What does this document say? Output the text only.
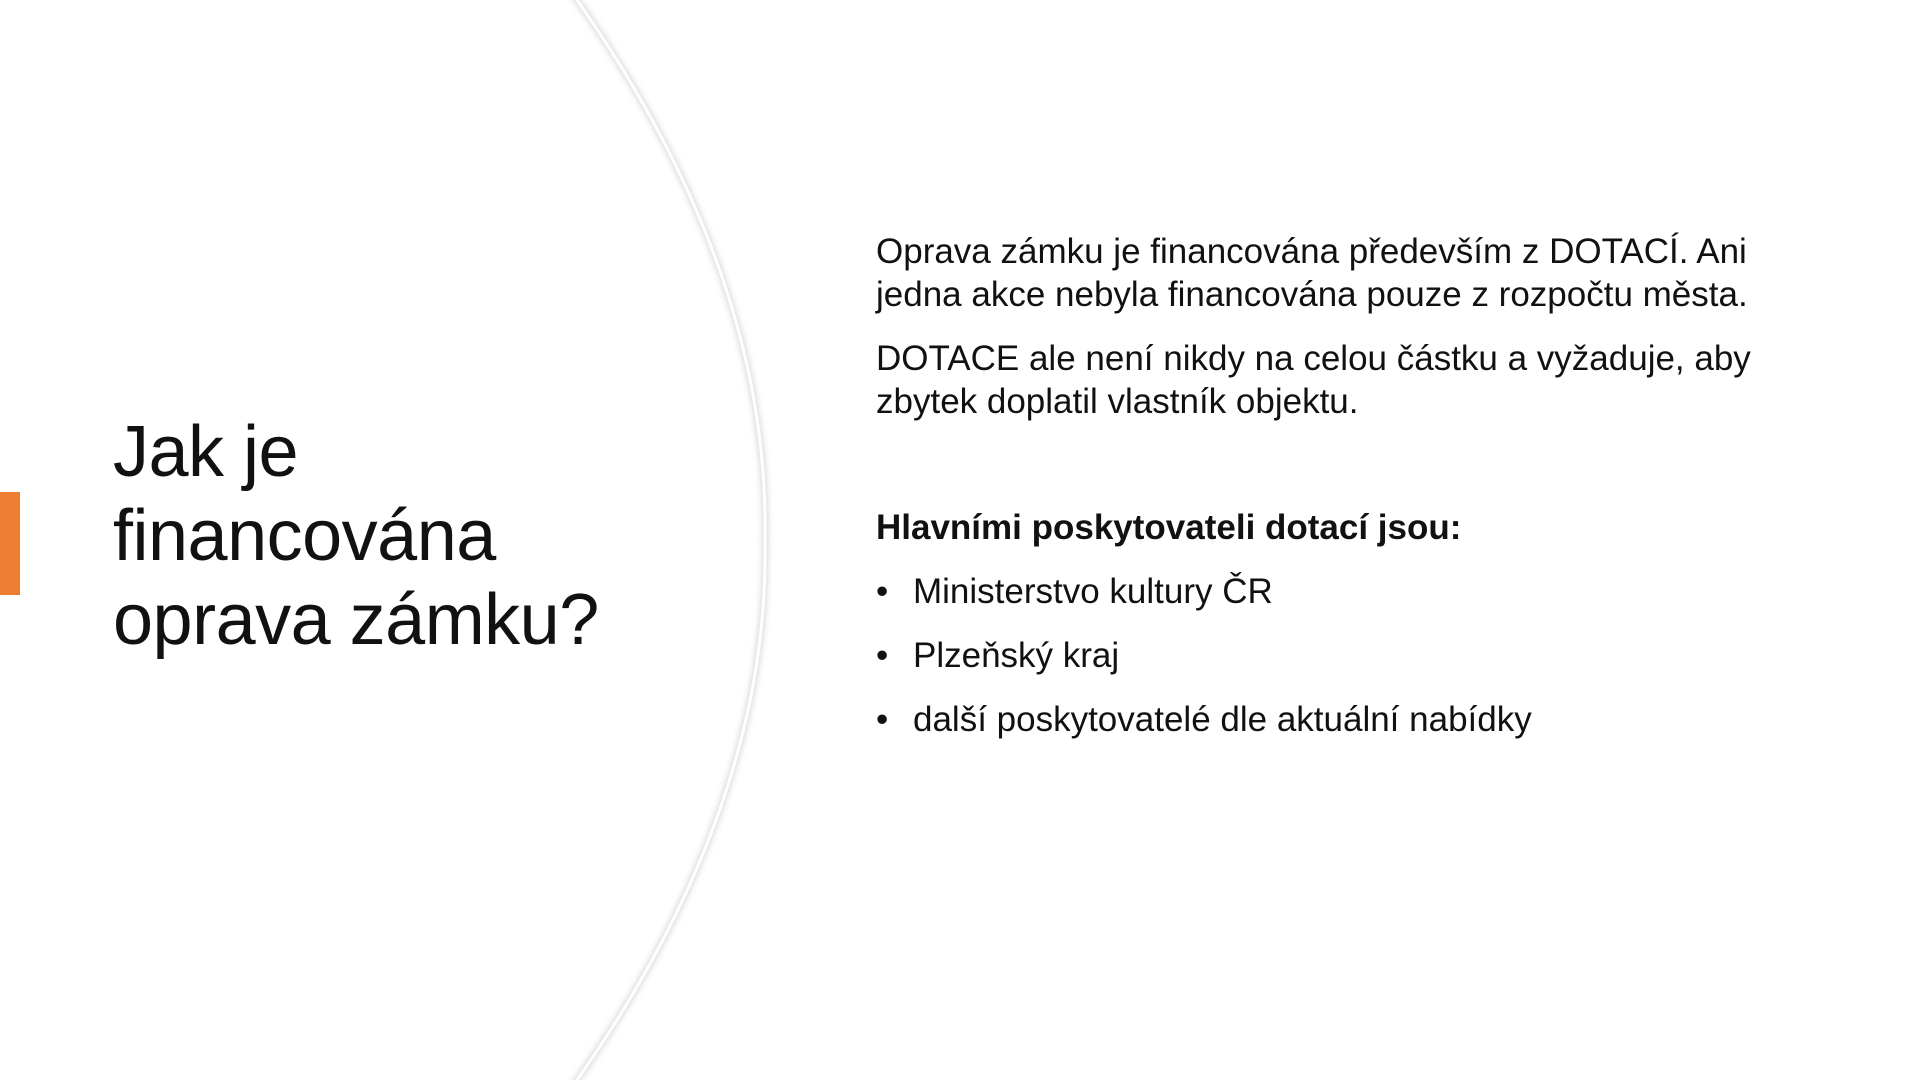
Jak je
financována
oprava zámku?

Oprava zámku je financována především z DOTACÍ. Ani jedna akce nebyla financována pouze z rozpočtu města.

DOTACE ale není nikdy na celou částku a vyžaduje, aby zbytek doplatil vlastník objektu.

Hlavními poskytovateli dotací jsou:

• Ministerstvo kultury ČR
• Plzeňský kraj
• další poskytovatelé dle aktuální nabídky
